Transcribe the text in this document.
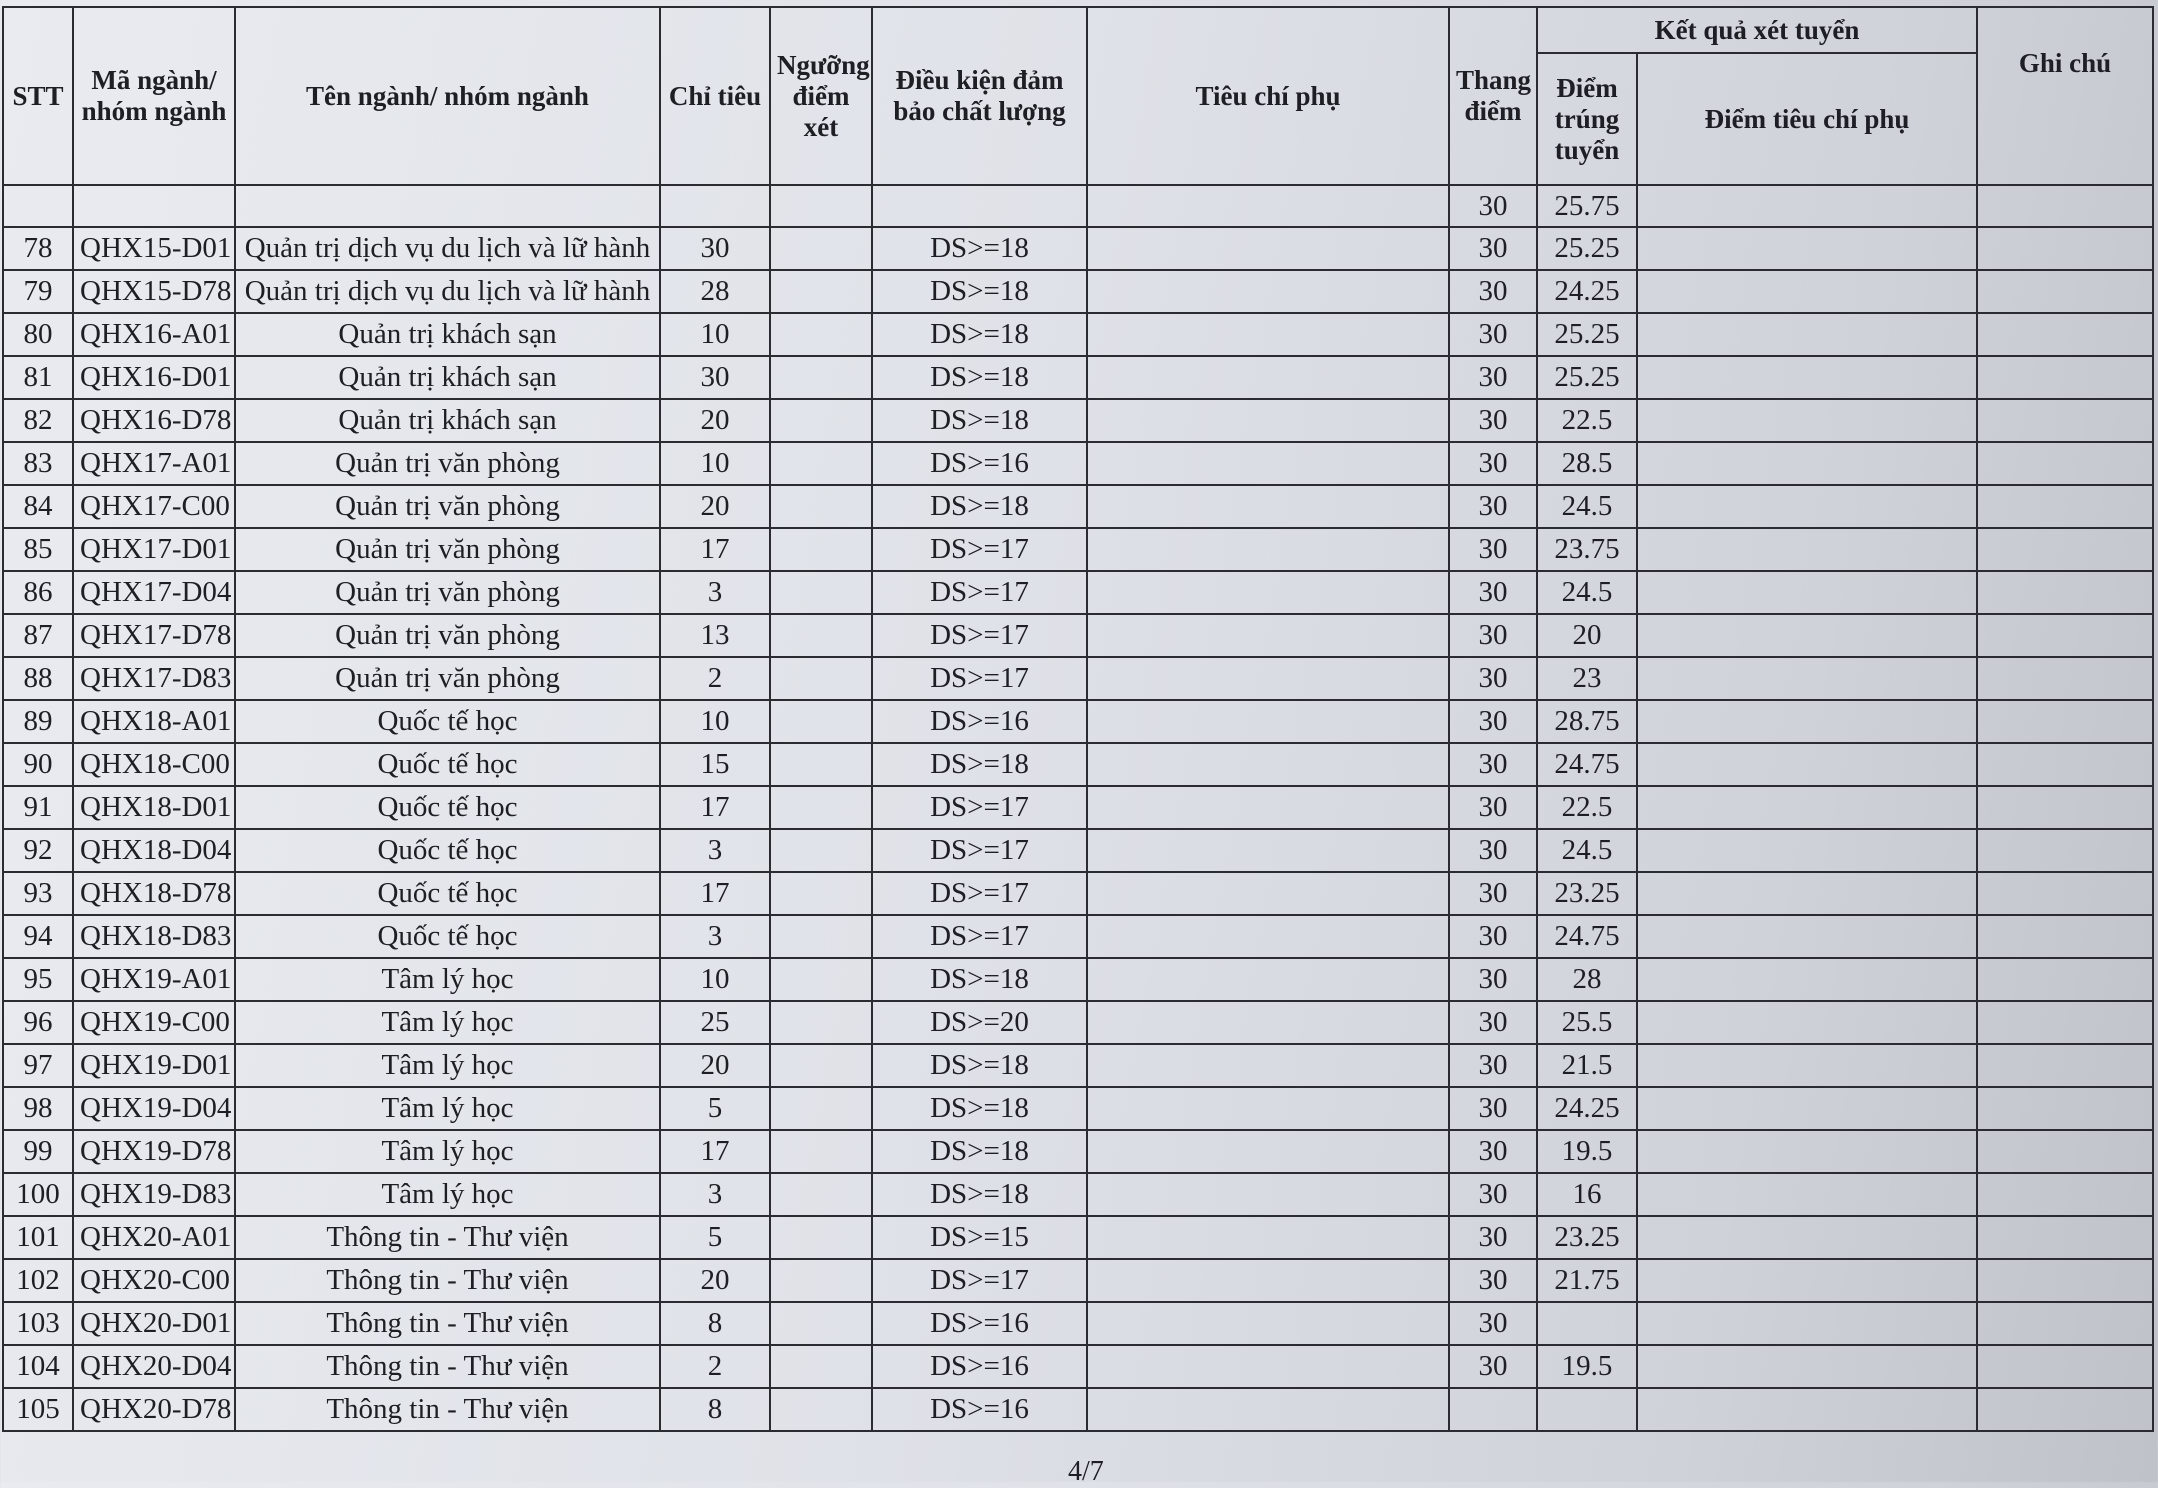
STT	Mã ngành/ nhóm ngành	Tên ngành/ nhóm ngành	Chỉ tiêu	Ngưỡng điểm xét	Điều kiện đảm bảo chất lượng	Tiêu chí phụ	Thang điểm	Kết quả xét tuyển		Ghi chú
								Điểm trúng tuyển	Điểm tiêu chí phụ	
							30	25.75		
78	QHX15-D01	Quản trị dịch vụ du lịch và lữ hành	30		DS>=18		30	25.25		
79	QHX15-D78	Quản trị dịch vụ du lịch và lữ hành	28		DS>=18		30	24.25		
80	QHX16-A01	Quản trị khách sạn	10		DS>=18		30	25.25		
81	QHX16-D01	Quản trị khách sạn	30		DS>=18		30	25.25		
82	QHX16-D78	Quản trị khách sạn	20		DS>=18		30	22.5		
83	QHX17-A01	Quản trị văn phòng	10		DS>=16		30	28.5		
84	QHX17-C00	Quản trị văn phòng	20		DS>=18		30	24.5		
85	QHX17-D01	Quản trị văn phòng	17		DS>=17		30	23.75		
86	QHX17-D04	Quản trị văn phòng	3		DS>=17		30	24.5		
87	QHX17-D78	Quản trị văn phòng	13		DS>=17		30	20		
88	QHX17-D83	Quản trị văn phòng	2		DS>=17		30	23		
89	QHX18-A01	Quốc tế học	10		DS>=16		30	28.75		
90	QHX18-C00	Quốc tế học	15		DS>=18		30	24.75		
91	QHX18-D01	Quốc tế học	17		DS>=17		30	22.5		
92	QHX18-D04	Quốc tế học	3		DS>=17		30	24.5		
93	QHX18-D78	Quốc tế học	17		DS>=17		30	23.25		
94	QHX18-D83	Quốc tế học	3		DS>=17		30	24.75		
95	QHX19-A01	Tâm lý học	10		DS>=18		30	28		
96	QHX19-C00	Tâm lý học	25		DS>=20		30	25.5		
97	QHX19-D01	Tâm lý học	20		DS>=18		30	21.5		
98	QHX19-D04	Tâm lý học	5		DS>=18		30	24.25		
99	QHX19-D78	Tâm lý học	17		DS>=18		30	19.5		
100	QHX19-D83	Tâm lý học	3		DS>=18		30	16		
101	QHX20-A01	Thông tin - Thư viện	5		DS>=15		30	23.25		
102	QHX20-C00	Thông tin - Thư viện	20		DS>=17		30	21.75		
103	QHX20-D01	Thông tin - Thư viện	8		DS>=16		30			
104	QHX20-D04	Thông tin - Thư viện	2		DS>=16		30	19.5		
105	QHX20-D78	Thông tin - Thư viện	8		DS>=16					
4/7
